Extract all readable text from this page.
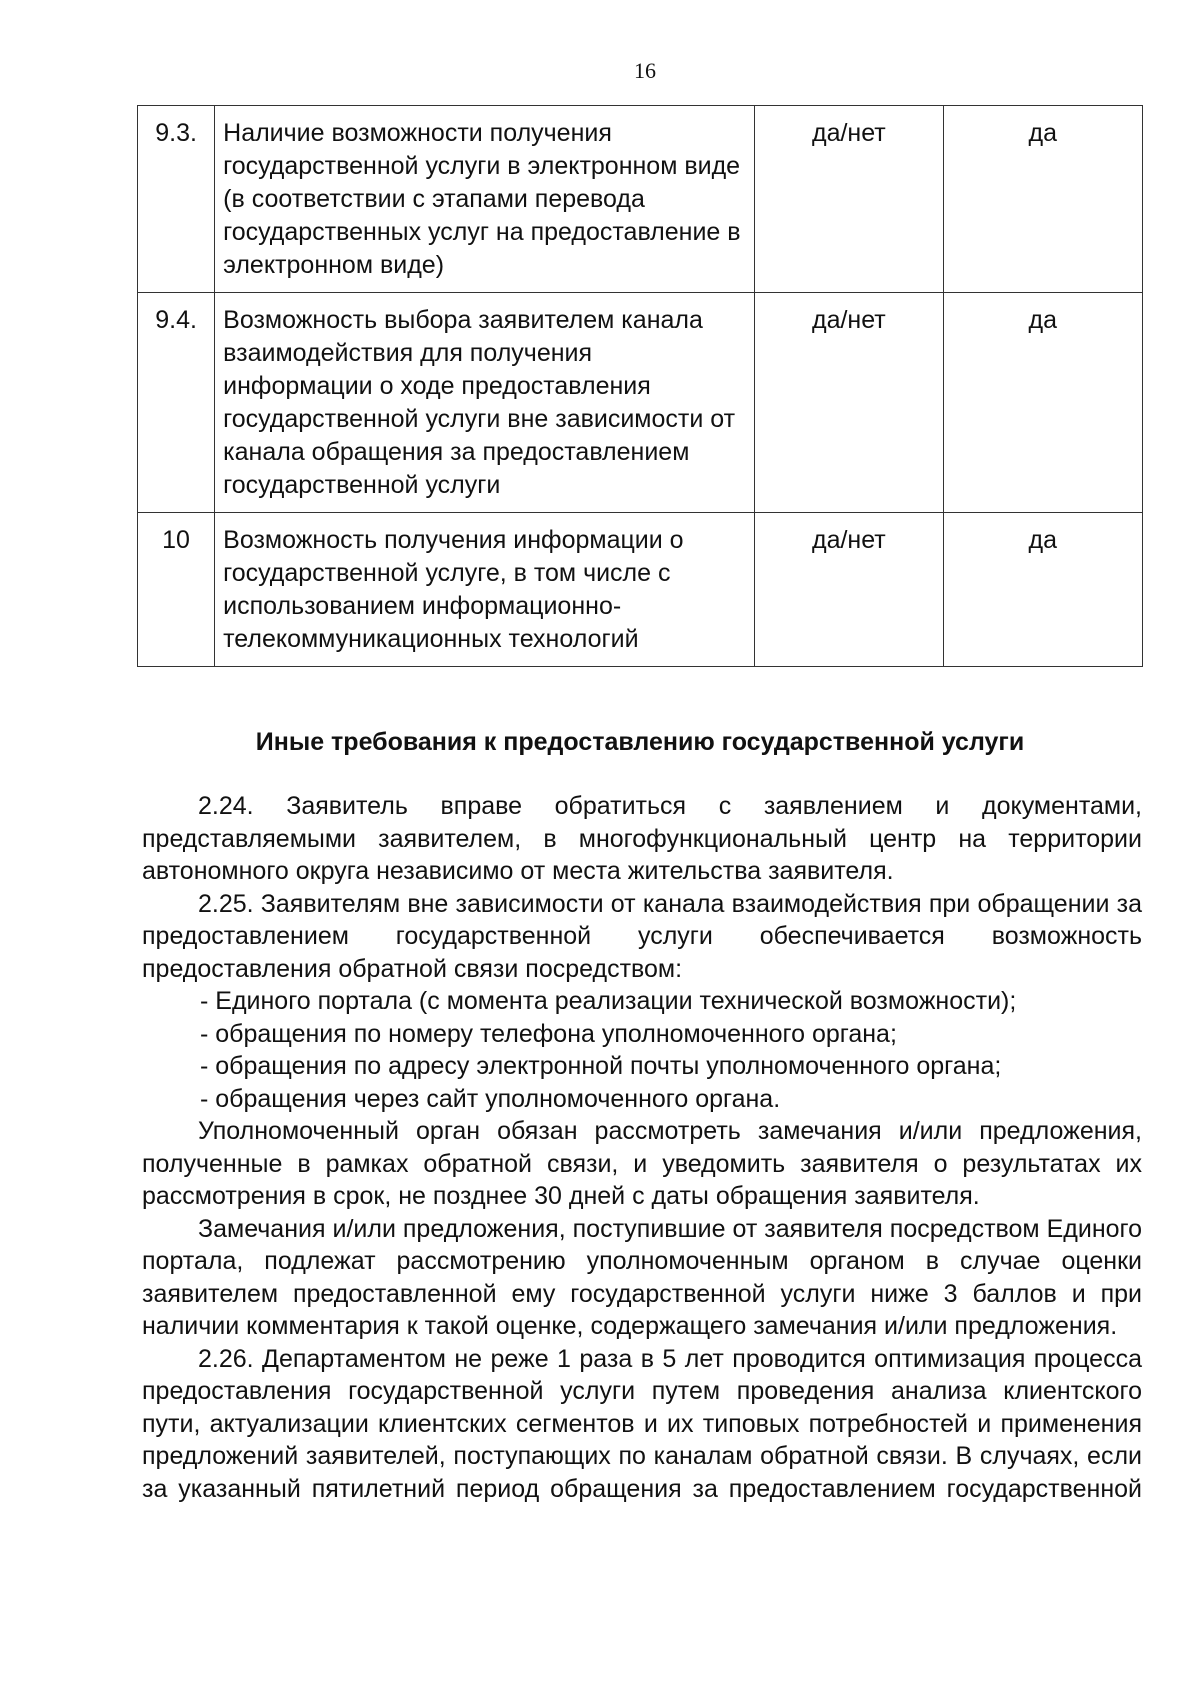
16
9.3.	Наличие возможности получения государственной услуги в электронном виде (в соответствии с этапами перевода государственных услуг на предоставление в электронном виде)	да/нет	да
9.4.	Возможность выбора заявителем канала взаимодействия для получения информации о ходе предоставления государственной услуги вне зависимости от канала обращения за предоставлением государственной услуги	да/нет	да
10	Возможность получения информации о государственной услуге, в том числе с использованием информационно-телекоммуникационных технологий	да/нет	да
Иные требования к предоставлению государственной услуги

2.24. Заявитель вправе обратиться с заявлением и документами, представляемыми заявителем, в многофункциональный центр на территории автономного округа независимо от места жительства заявителя.

2.25. Заявителям вне зависимости от канала взаимодействия при обращении за предоставлением государственной услуги обеспечивается возможность предоставления обратной связи посредством:

- Единого портала (с момента реализации технической возможности);

- обращения по номеру телефона уполномоченного органа;

- обращения по адресу электронной почты уполномоченного органа;

- обращения через сайт уполномоченного органа.

Уполномоченный орган обязан рассмотреть замечания и/или предложения, полученные в рамках обратной связи, и уведомить заявителя о результатах их рассмотрения в срок, не позднее 30 дней с даты обращения заявителя.

Замечания и/или предложения, поступившие от заявителя посредством Единого портала, подлежат рассмотрению уполномоченным органом в случае оценки заявителем предоставленной ему государственной услуги ниже 3 баллов и при наличии комментария к такой оценке, содержащего замечания и/или предложения.

2.26. Департаментом не реже 1 раза в 5 лет проводится оптимизация процесса предоставления государственной услуги путем проведения анализа клиентского пути, актуализации клиентских сегментов и их типовых потребностей и применения предложений заявителей, поступающих по каналам обратной связи. В случаях, если за указанный пятилетний период обращения за предоставлением государственной
